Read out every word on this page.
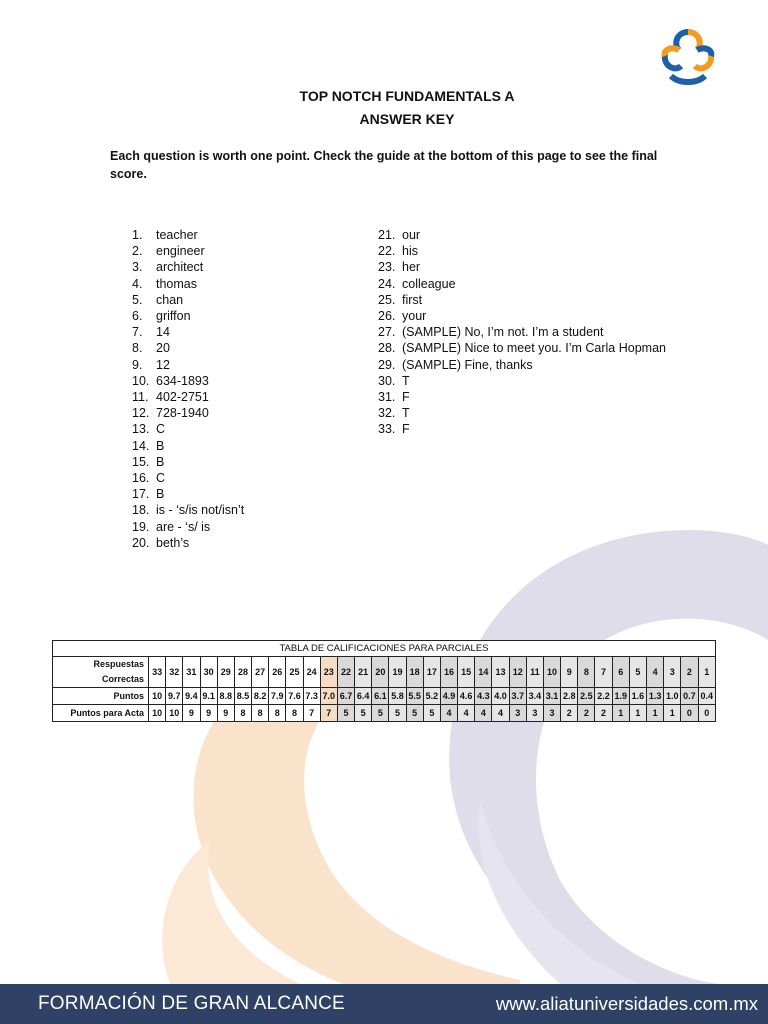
TOP NOTCH FUNDAMENTALS A
ANSWER KEY
Each question is worth one point. Check the guide at the bottom of this page to see the final score.
1.	teacher
2.	engineer
3.	architect
4.	thomas
5.	chan
6.	griffon
7.	14
8.	20
9.	12
10. 634-1893
11. 402-2751
12. 728-1940
13. C
14. B
15. B
16. C
17. B
18. is - ‘s/is not/isn’t
19. are - ‘s/ is
20. beth’s
21. our
22. his
23. her
24. colleague
25. first
26. your
27. (SAMPLE) No, I’m not. I’m a student
28. (SAMPLE) Nice to meet you. I’m Carla Hopman
29. (SAMPLE) Fine, thanks
30. T
31. F
32. T
33. F
TABLA DE CALIFICACIONES PARA PARCIALES																																	
Respuestas Correctas	33	32	31	30	29	28	27	26	25	24	23	22	21	20	19	18	17	16	15	14	13	12	11	10	9	8	7	6	5	4	3	2	1
Puntos	10	9.7	9.4	9.1	8.8	8.5	8.2	7.9	7.6	7.3	7.0	6.7	6.4	6.1	5.8	5.5	5.2	4.9	4.6	4.3	4.0	3.7	3.4	3.1	2.8	2.5	2.2	1.9	1.6	1.3	1.0	0.7	0.4
Puntos para Acta	10	10	9	9	9	8	8	8	8	7	7	5	5	5	5	5	5	4	4	4	4	3	3	3	2	2	2	1	1	1	1	0	0
FORMACIÓN DE GRAN ALCANCE	www.aliatuniversidades.com.mx
